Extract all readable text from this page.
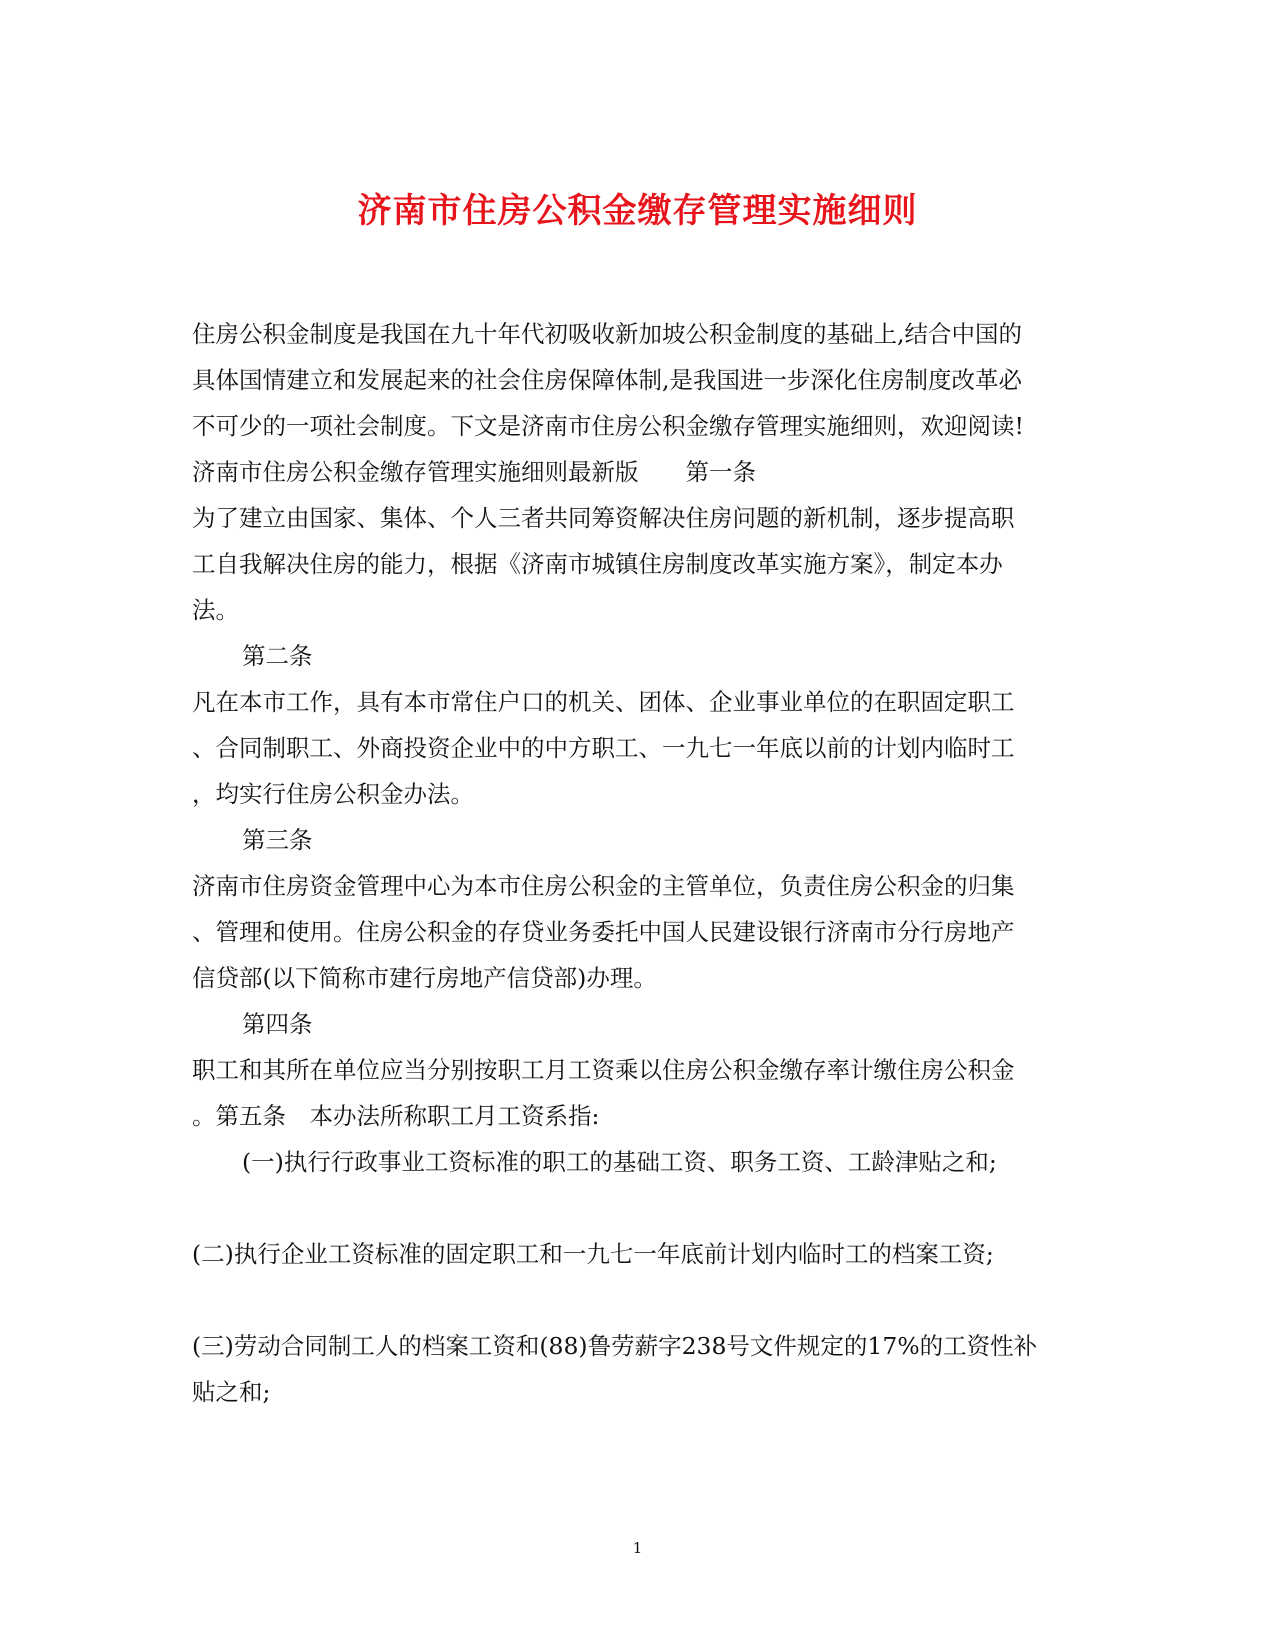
济南市住房公积金缴存管理实施细则
住房公积金制度是我国在九十年代初吸收新加坡公积金制度的基础上,结合中国的
具体国情建立和发展起来的社会住房保障体制,是我国进一步深化住房制度改革必
不可少的一项社会制度。下文是济南市住房公积金缴存管理实施细则，欢迎阅读!
济南市住房公积金缴存管理实施细则最新版　　第一条
为了建立由国家、集体、个人三者共同筹资解决住房问题的新机制，逐步提高职
工自我解决住房的能力，根据《济南市城镇住房制度改革实施方案》，制定本办
法。
第二条
凡在本市工作，具有本市常住户口的机关、团体、企业事业单位的在职固定职工
、合同制职工、外商投资企业中的中方职工、一九七一年底以前的计划内临时工
，均实行住房公积金办法。
第三条
济南市住房资金管理中心为本市住房公积金的主管单位，负责住房公积金的归集
、管理和使用。住房公积金的存贷业务委托中国人民建设银行济南市分行房地产
信贷部(以下简称市建行房地产信贷部)办理。
第四条
职工和其所在单位应当分别按职工月工资乘以住房公积金缴存率计缴住房公积金
。第五条　本办法所称职工月工资系指:
(一)执行行政事业工资标准的职工的基础工资、职务工资、工龄津贴之和;
(二)执行企业工资标准的固定职工和一九七一年底前计划内临时工的档案工资;
(三)劳动合同制工人的档案工资和(88)鲁劳薪字238号文件规定的17%的工资性补
贴之和;
1
